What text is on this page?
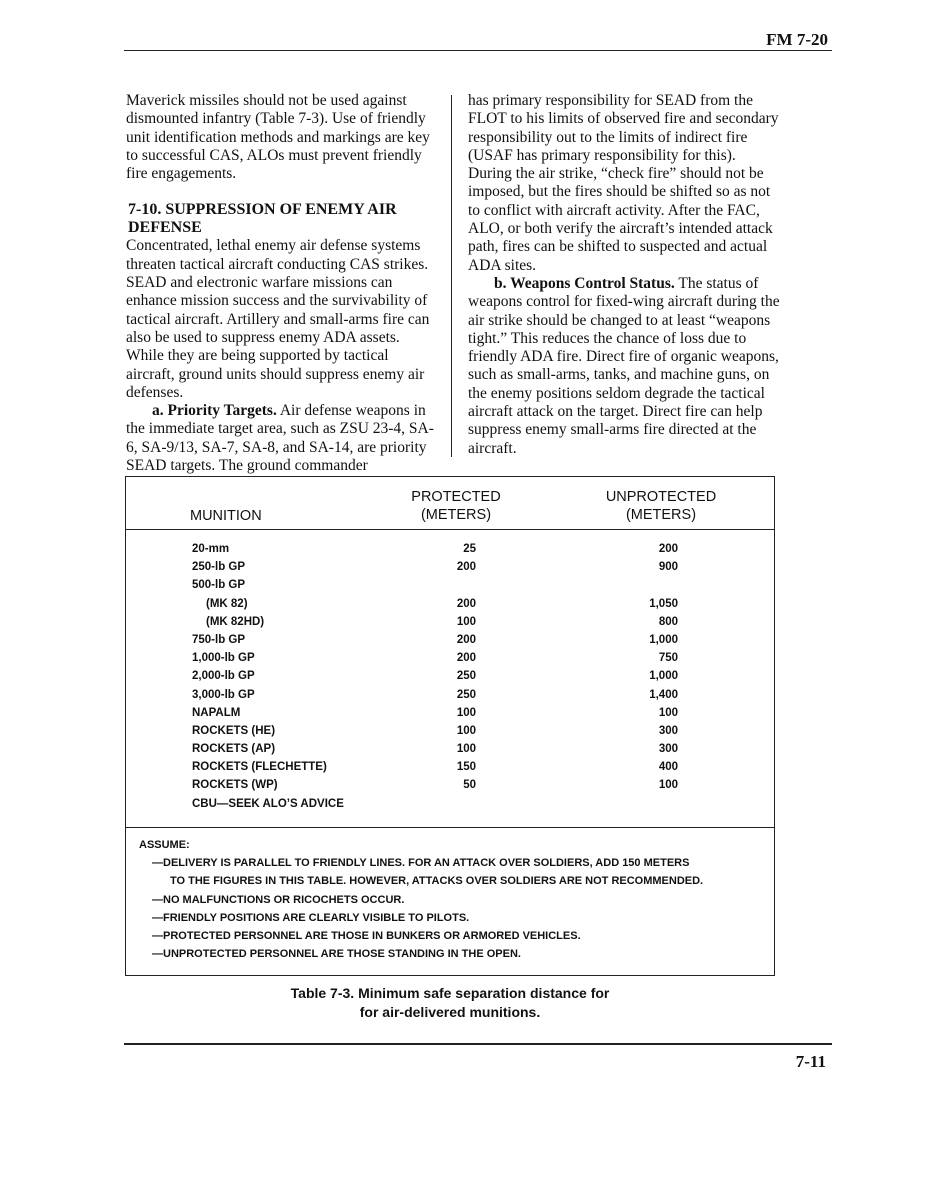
FM 7-20

Maverick missiles should not be used against dismounted infantry (Table 7-3). Use of friendly unit identification methods and markings are key to successful CAS, ALOs must prevent friendly fire engagements.

7-10. SUPPRESSION OF ENEMY AIR DEFENSE

Concentrated, lethal enemy air defense systems threaten tactical aircraft conducting CAS strikes. SEAD and electronic warfare missions can enhance mission success and the survivability of tactical aircraft. Artillery and small-arms fire can also be used to suppress enemy ADA assets. While they are being supported by tactical aircraft, ground units should suppress enemy air defenses.

a. Priority Targets. Air defense weapons in the immediate target area, such as ZSU 23-4, SA-6, SA-9/13, SA-7, SA-8, and SA-14, are priority SEAD targets. The ground commander

has primary responsibility for SEAD from the FLOT to his limits of observed fire and secondary responsibility out to the limits of indirect fire (USAF has primary responsibility for this). During the air strike, “check fire” should not be imposed, but the fires should be shifted so as not to conflict with aircraft activity. After the FAC, ALO, or both verify the aircraft’s intended attack path, fires can be shifted to suspected and actual ADA sites.

b. Weapons Control Status. The status of weapons control for fixed-wing aircraft during the air strike should be changed to at least “weapons tight.” This reduces the chance of loss due to friendly ADA fire. Direct fire of organic weapons, such as small-arms, tanks, and machine guns, on the enemy positions seldom degrade the tactical aircraft attack on the target. Direct fire can help suppress enemy small-arms fire directed at the aircraft.

MUNITION
PROTECTED
(METERS)
UNPROTECTED
(METERS)
20-mm	25	200
250-lb GP	200	900
500-lb GP
(MK 82)	200	1,050
(MK 82HD)	100	800
750-lb GP	200	1,000
1,000-lb GP	200	750
2,000-lb GP	250	1,000
3,000-lb GP	250	1,400
NAPALM	100	100
ROCKETS (HE)	100	300
ROCKETS (AP)	100	300
ROCKETS (FLECHETTE)	150	400
ROCKETS (WP)	50	100
CBU—SEEK ALO’S ADVICE
ASSUME:
—DELIVERY IS PARALLEL TO FRIENDLY LINES. FOR AN ATTACK OVER SOLDIERS, ADD 150 METERS
TO THE FIGURES IN THIS TABLE. HOWEVER, ATTACKS OVER SOLDIERS ARE NOT RECOMMENDED.
—NO MALFUNCTIONS OR RICOCHETS OCCUR.
—FRIENDLY POSITIONS ARE CLEARLY VISIBLE TO PILOTS.
—PROTECTED PERSONNEL ARE THOSE IN BUNKERS OR ARMORED VEHICLES.
—UNPROTECTED PERSONNEL ARE THOSE STANDING IN THE OPEN.
Table 7-3. Minimum safe separation distance for
for air-delivered munitions.
7-11
